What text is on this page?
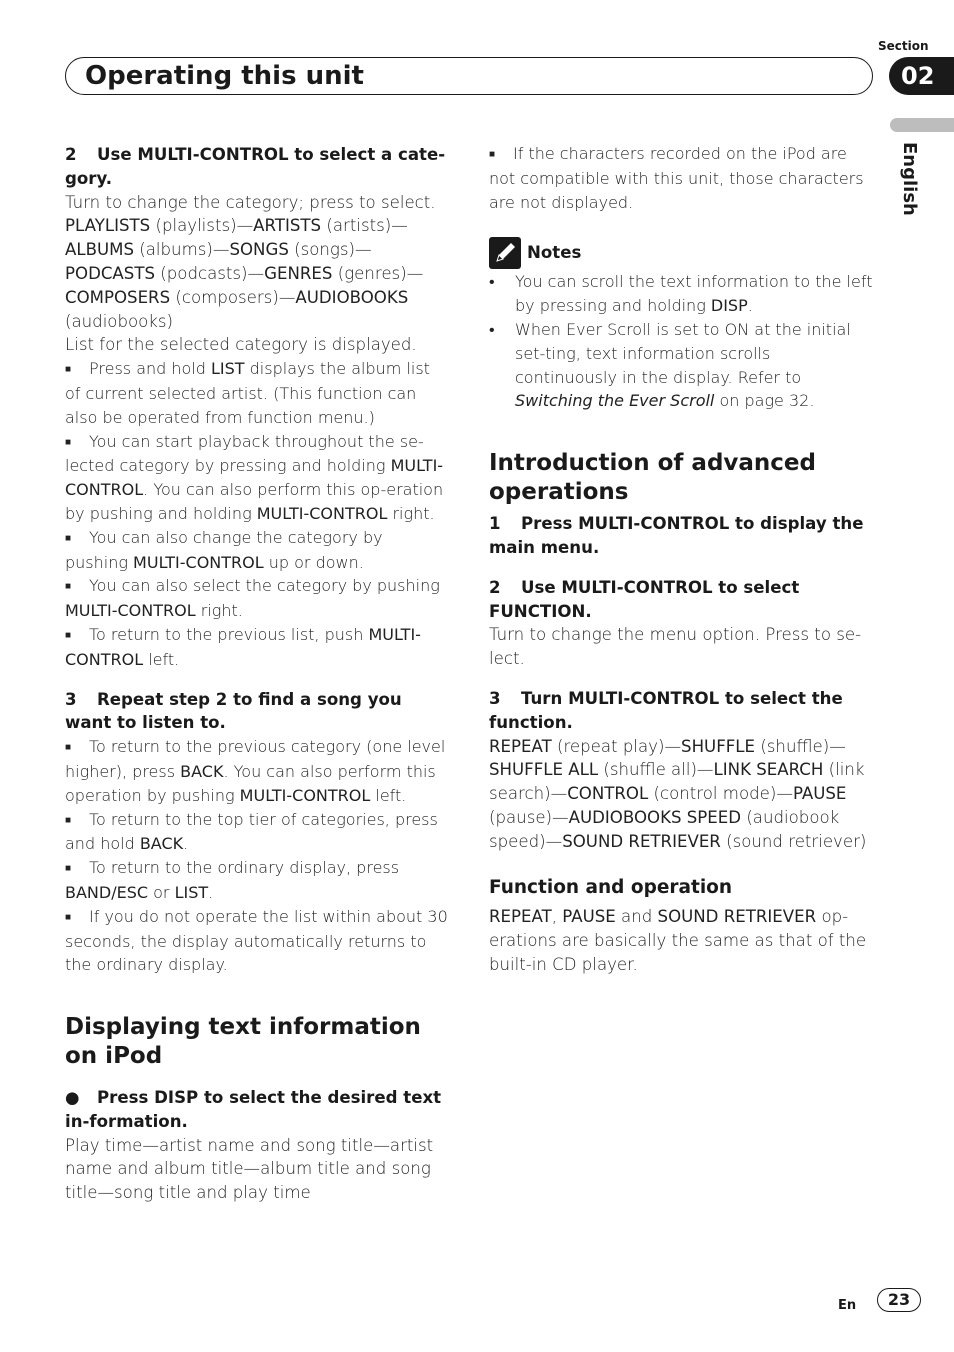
Section
Operating this unit	02
English

2 Use MULTI-CONTROL to select a cate-gory.

Turn to change the category; press to select.

PLAYLISTS (playlists)—ARTISTS (artists)—ALBUMS (albums)—SONGS (songs)—PODCASTS (podcasts)—GENRES (genres)—COMPOSERS (composers)—AUDIOBOOKS (audiobooks)

List for the selected category is displayed.

■ Press and hold LIST displays the album list of current selected artist. (This function can also be operated from function menu.)

■ You can start playback throughout the se-lected category by pressing and holding MULTI-CONTROL. You can also perform this op-eration by pushing and holding MULTI-CONTROL right.

■ You can also change the category by pushing MULTI-CONTROL up or down.

■ You can also select the category by pushing MULTI-CONTROL right.

■ To return to the previous list, push MULTI-CONTROL left.

3 Repeat step 2 to find a song you want to listen to.

■ To return to the previous category (one level higher), press BACK. You can also perform this operation by pushing MULTI-CONTROL left.

■ To return to the top tier of categories, press and hold BACK.

■ To return to the ordinary display, press BAND/ESC or LIST.

■ If you do not operate the list within about 30 seconds, the display automatically returns to the ordinary display.

Displaying text information on iPod

● Press DISP to select the desired text in-formation.

Play time—artist name and song title—artist name and album title—album title and song title—song title and play time

■ If the characters recorded on the iPod are not compatible with this unit, those characters are not displayed.

Notes

• You can scroll the text information to the left by pressing and holding DISP.

• When Ever Scroll is set to ON at the initial set-ting, text information scrolls continuously in the display. Refer to Switching the Ever Scroll on page 32.

Introduction of advanced operations

1 Press MULTI-CONTROL to display the main menu.

2 Use MULTI-CONTROL to select FUNCTION.

Turn to change the menu option. Press to se-lect.

3 Turn MULTI-CONTROL to select the function.

REPEAT (repeat play)—SHUFFLE (shuffle)—SHUFFLE ALL (shuffle all)—LINK SEARCH (link search)—CONTROL (control mode)—PAUSE (pause)—AUDIOBOOKS SPEED (audiobook speed)—SOUND RETRIEVER (sound retriever)

Function and operation

REPEAT, PAUSE and SOUND RETRIEVER op-erations are basically the same as that of the built-in CD player.

En	23
